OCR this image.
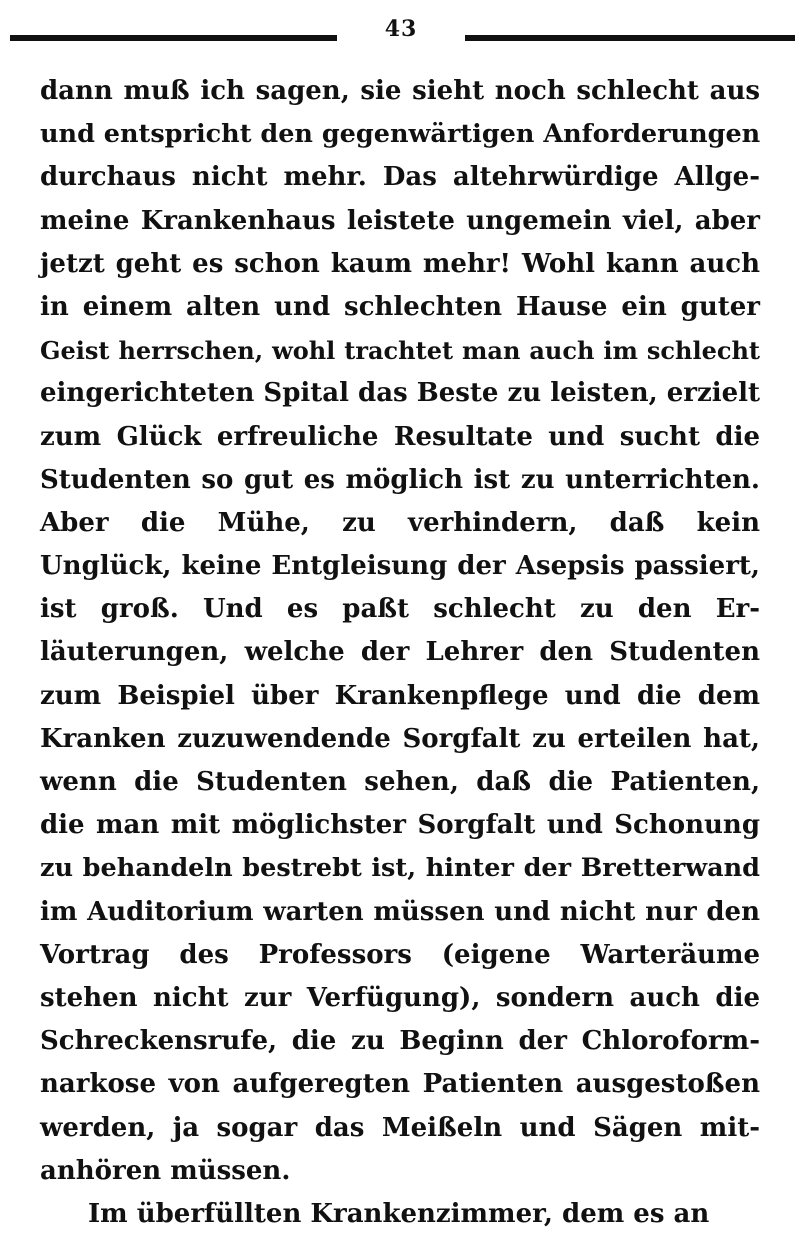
43
dann muß ich sagen, sie sieht noch schlecht aus
und entspricht den gegenwärtigen Anforderungen
durchaus nicht mehr. Das altehrwürdige Allge-
meine Krankenhaus leistete ungemein viel, aber
jetzt geht es schon kaum mehr! Wohl kann auch
in einem alten und schlechten Hause ein guter
Geist herrschen, wohl trachtet man auch im schlecht
eingerichteten Spital das Beste zu leisten, erzielt
zum Glück erfreuliche Resultate und sucht die
Studenten so gut es möglich ist zu unterrichten.
Aber die Mühe, zu verhindern, daß kein
Unglück, keine Entgleisung der Asepsis passiert,
ist groß. Und es paßt schlecht zu den Er-
läuterungen, welche der Lehrer den Studenten
zum Beispiel über Krankenpflege und die dem
Kranken zuzuwendende Sorgfalt zu erteilen hat,
wenn die Studenten sehen, daß die Patienten,
die man mit möglichster Sorgfalt und Schonung
zu behandeln bestrebt ist, hinter der Bretterwand
im Auditorium warten müssen und nicht nur den
Vortrag des Professors (eigene Warteräume
stehen nicht zur Verfügung), sondern auch die
Schreckensrufe, die zu Beginn der Chloroform-
narkose von aufgeregten Patienten ausgestoßen
werden, ja sogar das Meißeln und Sägen mit-
anhören müssen.
Im überfüllten Krankenzimmer, dem es an
